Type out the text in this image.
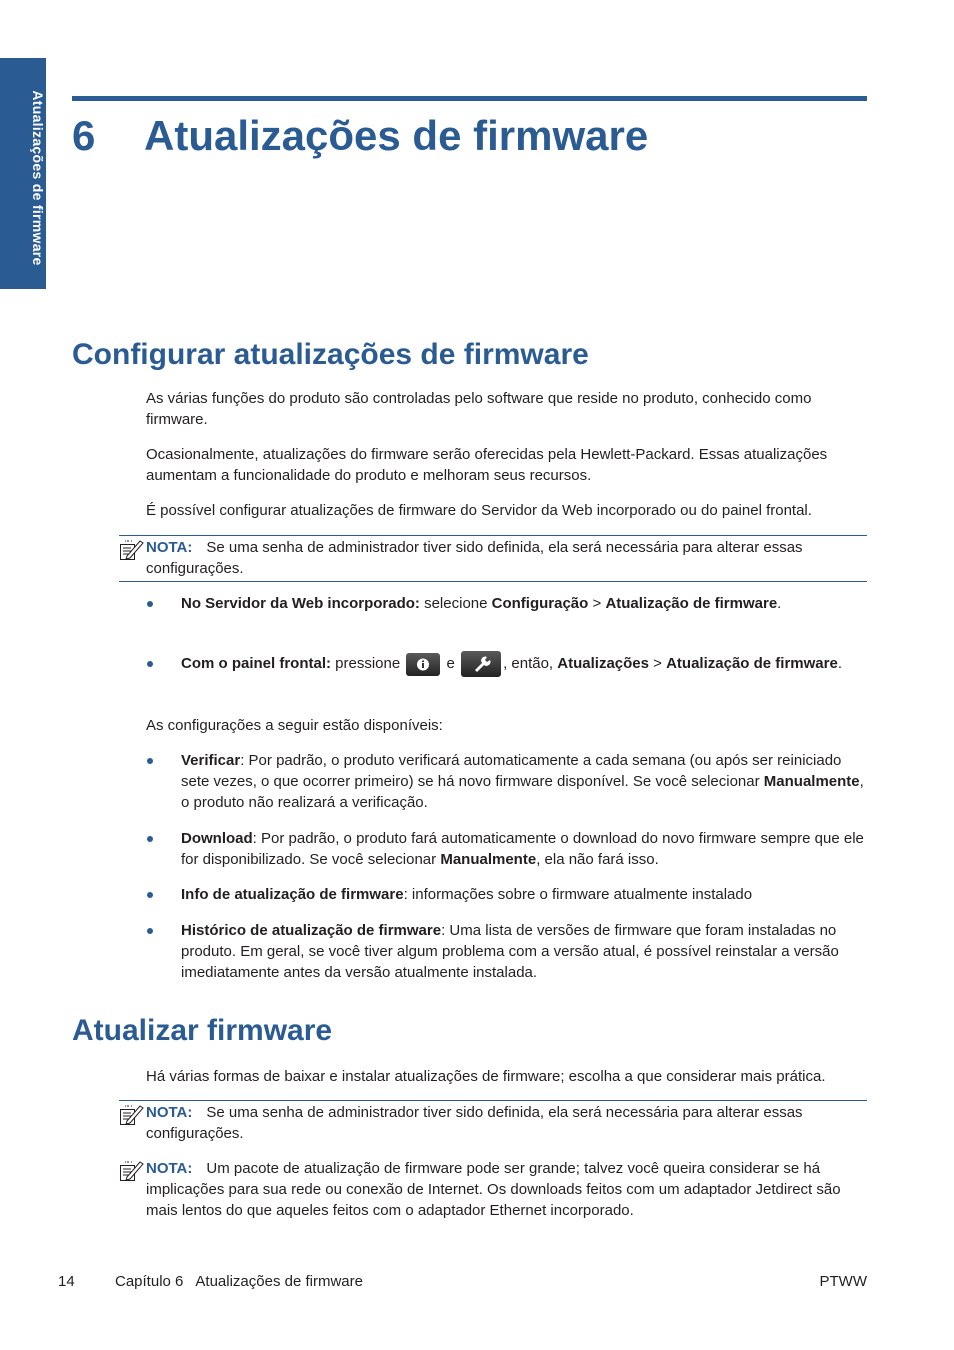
Atualizações de firmware 6 Atualizações de firmware
Configurar atualizações de firmware

As várias funções do produto são controladas pelo software que reside no produto, conhecido como firmware.

Ocasionalmente, atualizações do firmware serão oferecidas pela Hewlett-Packard. Essas atualizações aumentam a funcionalidade do produto e melhoram seus recursos.

É possível configurar atualizações de firmware do Servidor da Web incorporado ou do painel frontal.

NOTA: Se uma senha de administrador tiver sido definida, ela será necessária para alterar essas configurações.

No Servidor da Web incorporado: selecione Configuração > Atualização de firmware.

Com o painel frontal: pressione	e	, então, Atualizações > Atualização de firmware.

As configurações a seguir estão disponíveis:

Verificar: Por padrão, o produto verificará automaticamente a cada semana (ou após ser reiniciado sete vezes, o que ocorrer primeiro) se há novo firmware disponível. Se você selecionar Manualmente, o produto não realizará a verificação.

Download: Por padrão, o produto fará automaticamente o download do novo firmware sempre que ele for disponibilizado. Se você selecionar Manualmente, ela não fará isso.

Info de atualização de firmware: informações sobre o firmware atualmente instalado

Histórico de atualização de firmware: Uma lista de versões de firmware que foram instaladas no produto. Em geral, se você tiver algum problema com a versão atual, é possível reinstalar a versão imediatamente antes da versão atualmente instalada.

Atualizar firmware

Há várias formas de baixar e instalar atualizações de firmware; escolha a que considerar mais prática.

NOTA: Se uma senha de administrador tiver sido definida, ela será necessária para alterar essas configurações.
NOTA: Um pacote de atualização de firmware pode ser grande; talvez você queira considerar se há implicações para sua rede ou conexão de Internet. Os downloads feitos com um adaptador Jetdirect são mais lentos do que aqueles feitos com o adaptador Ethernet incorporado.
14	Capítulo 6 Atualizações de firmware	PTWW
